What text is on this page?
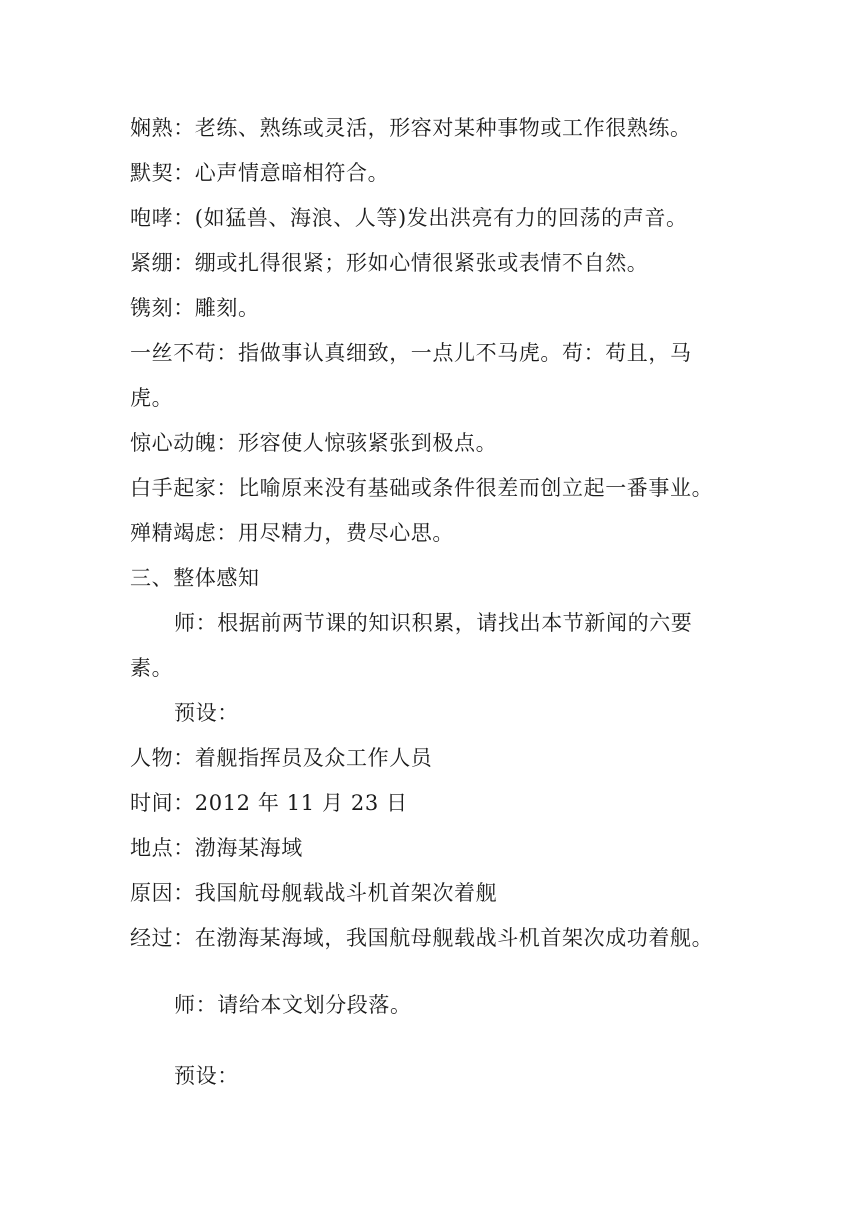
娴熟：老练、熟练或灵活，形容对某种事物或工作很熟练。
默契：心声情意暗相符合。
咆哮：(如猛兽、海浪、人等)发出洪亮有力的回荡的声音。
紧绷：绷或扎得很紧；形如心情很紧张或表情不自然。
镌刻：雕刻。
一丝不苟：指做事认真细致，一点儿不马虎。苟：苟且，马
虎。
惊心动魄：形容使人惊骇紧张到极点。
白手起家：比喻原来没有基础或条件很差而创立起一番事业。
殚精竭虑：用尽精力，费尽心思。
三、整体感知
师：根据前两节课的知识积累，请找出本节新闻的六要
素。
预设：
人物：着舰指挥员及众工作人员
时间：2012 年 11 月 23 日
地点：渤海某海域
原因：我国航母舰载战斗机首架次着舰
经过：在渤海某海域，我国航母舰载战斗机首架次成功着舰。
师：请给本文划分段落。
预设：
